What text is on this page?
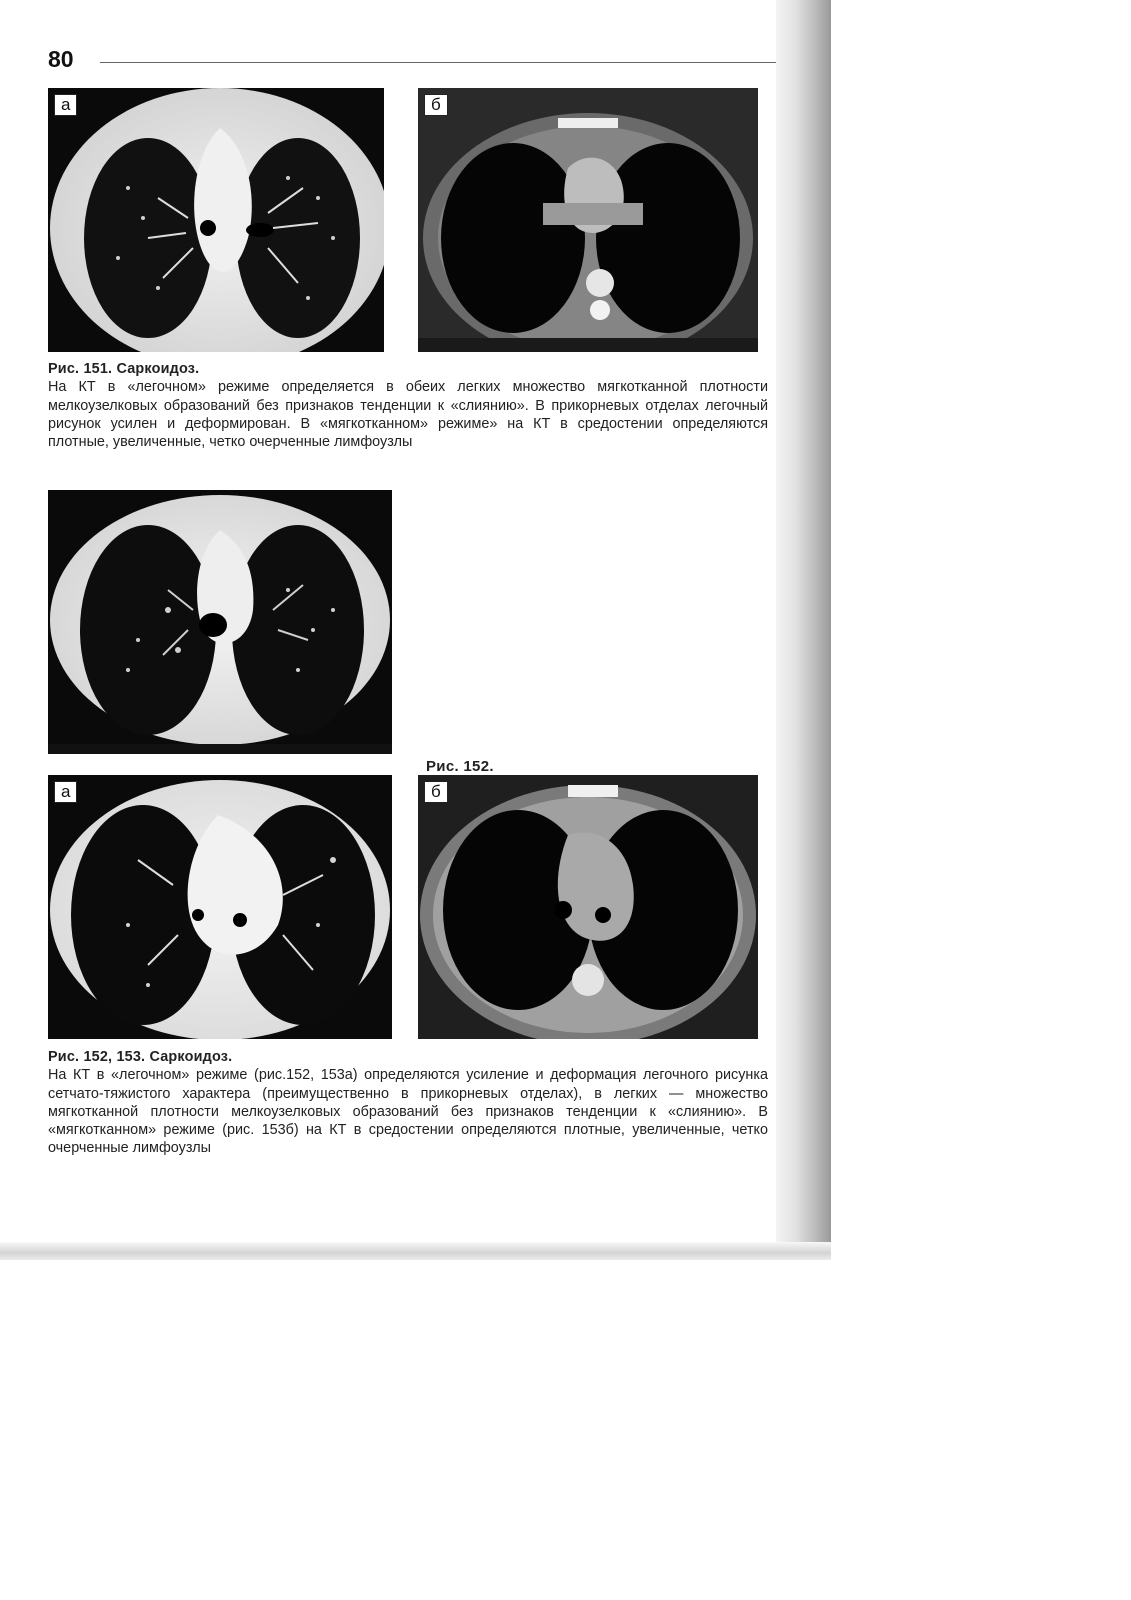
80
а	б
Рис. 151. Саркоидоз.
На КТ в «легочном» режиме определяется в обеих легких множество мягкотканной плотности мелкоузелковых образований без признаков тенденции к «слиянию». В прикорневых отделах легочный рисунок усилен и деформирован. В «мягкотканном» режиме» на КТ в средостении определяются плотные, увеличенные, четко очерченные лимфоузлы
Рис. 152.
а	б
Рис. 152, 153. Саркоидоз.
На КТ в «легочном» режиме (рис.152, 153а) определяются усиление и деформация легочного рисунка сетчато-тяжистого характера (преимущественно в прикорневых отделах), в легких — множество мягкотканной плотности мелкоузелковых образований без признаков тенденции к «слиянию». В «мягкотканном» режиме (рис. 153б) на КТ в средостении определяются плотные, увеличенные, четко очерченные лимфоузлы
